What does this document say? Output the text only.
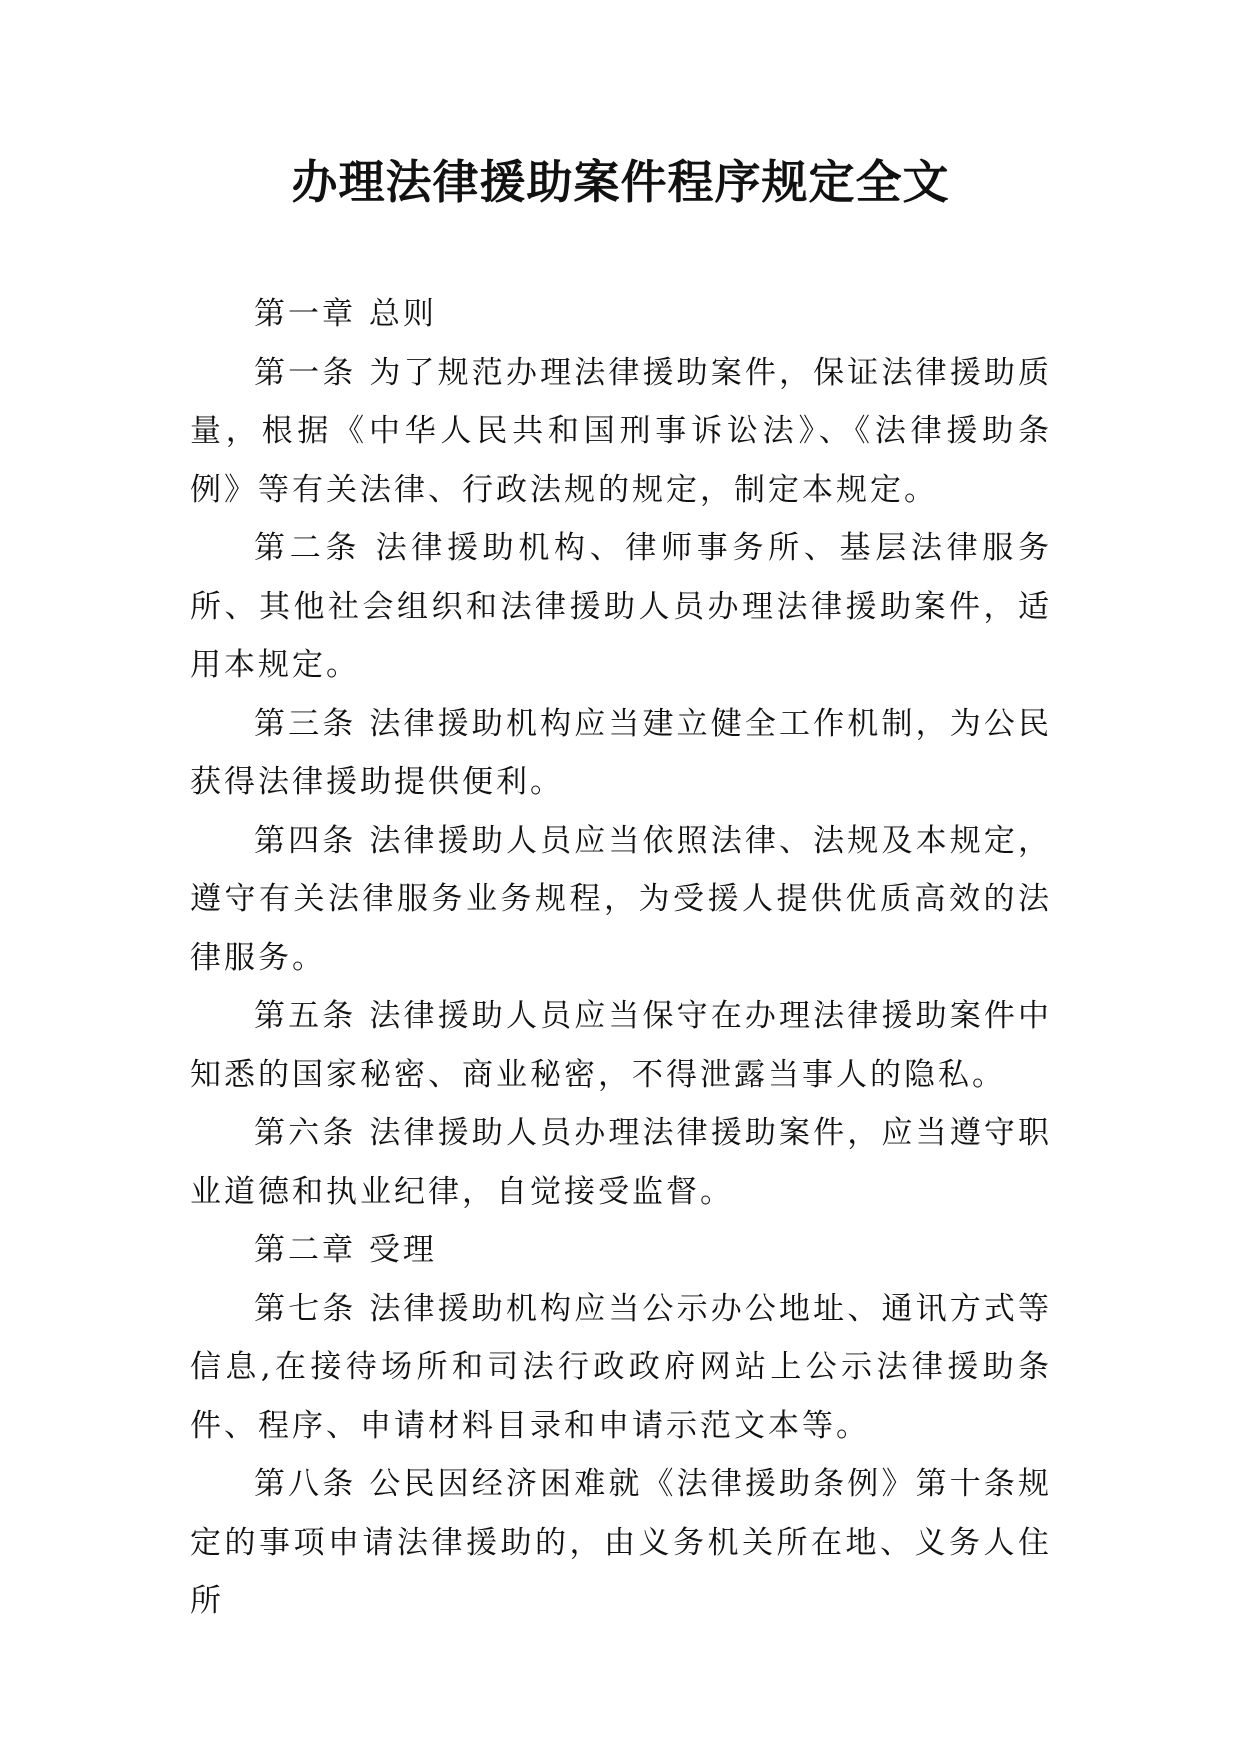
办理法律援助案件程序规定全文

第一章 总则

第一条 为了规范办理法律援助案件，保证法律援助质量，根据《中华人民共和国刑事诉讼法》、《法律援助条例》等有关法律、行政法规的规定，制定本规定。

第二条 法律援助机构、律师事务所、基层法律服务所、其他社会组织和法律援助人员办理法律援助案件，适用本规定。

第三条 法律援助机构应当建立健全工作机制，为公民获得法律援助提供便利。

第四条 法律援助人员应当依照法律、法规及本规定，遵守有关法律服务业务规程，为受援人提供优质高效的法律服务。

第五条 法律援助人员应当保守在办理法律援助案件中知悉的国家秘密、商业秘密，不得泄露当事人的隐私。

第六条 法律援助人员办理法律援助案件，应当遵守职业道德和执业纪律，自觉接受监督。

第二章 受理

第七条 法律援助机构应当公示办公地址、通讯方式等信息,在接待场所和司法行政政府网站上公示法律援助条件、程序、申请材料目录和申请示范文本等。

第八条 公民因经济困难就《法律援助条例》第十条规定的事项申请法律援助的，由义务机关所在地、义务人住所
